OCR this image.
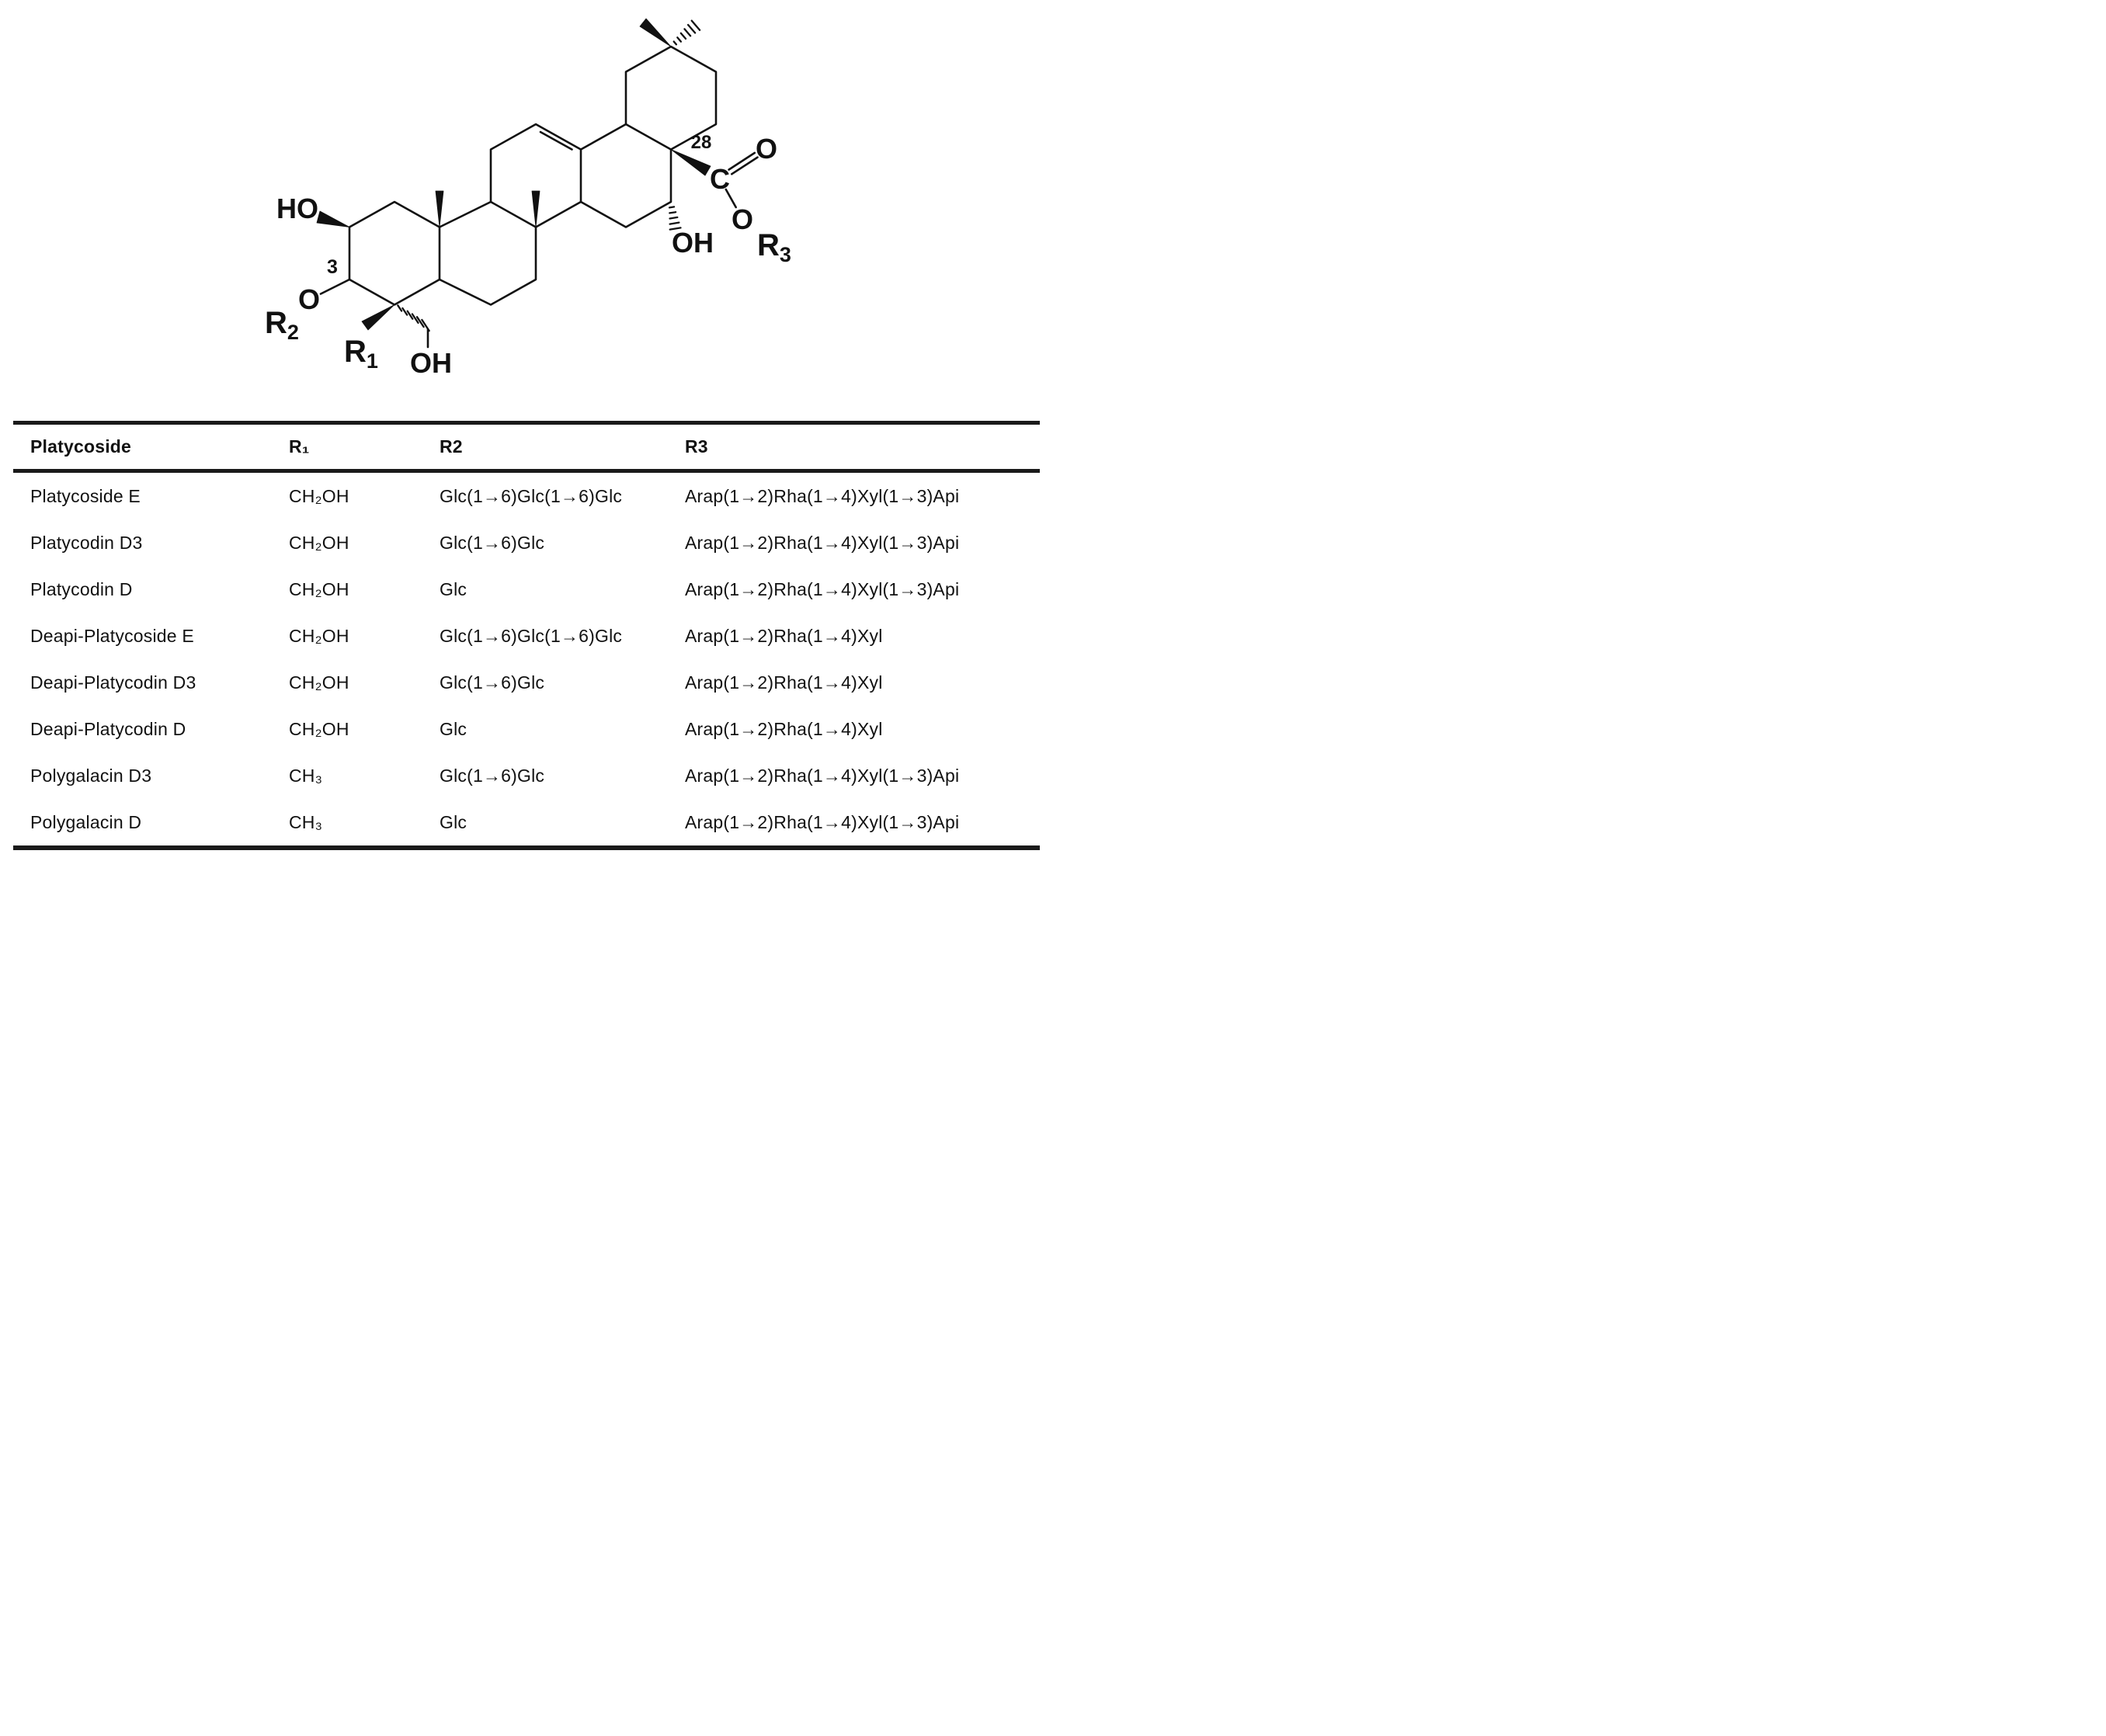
HO
3
O
$R_2$
$R_1$ OH
OH
28
C
O
O
$R_3$
Platycoside	R₁	R2	R3
Platycoside E	CH₂OH	Glc(1→6)Glc(1→6)Glc	Arap(1→2)Rha(1→4)Xyl(1→3)Api
Platycodin D3	CH₂OH	Glc(1→6)Glc	Arap(1→2)Rha(1→4)Xyl(1→3)Api
Platycodin D	CH₂OH	Glc	Arap(1→2)Rha(1→4)Xyl(1→3)Api
Deapi-Platycoside E	CH₂OH	Glc(1→6)Glc(1→6)Glc	Arap(1→2)Rha(1→4)Xyl
Deapi-Platycodin D3	CH₂OH	Glc(1→6)Glc	Arap(1→2)Rha(1→4)Xyl
Deapi-Platycodin D	CH₂OH	Glc	Arap(1→2)Rha(1→4)Xyl
Polygalacin D3	CH₃	Glc(1→6)Glc	Arap(1→2)Rha(1→4)Xyl(1→3)Api
Polygalacin D	CH₃	Glc	Arap(1→2)Rha(1→4)Xyl(1→3)Api
